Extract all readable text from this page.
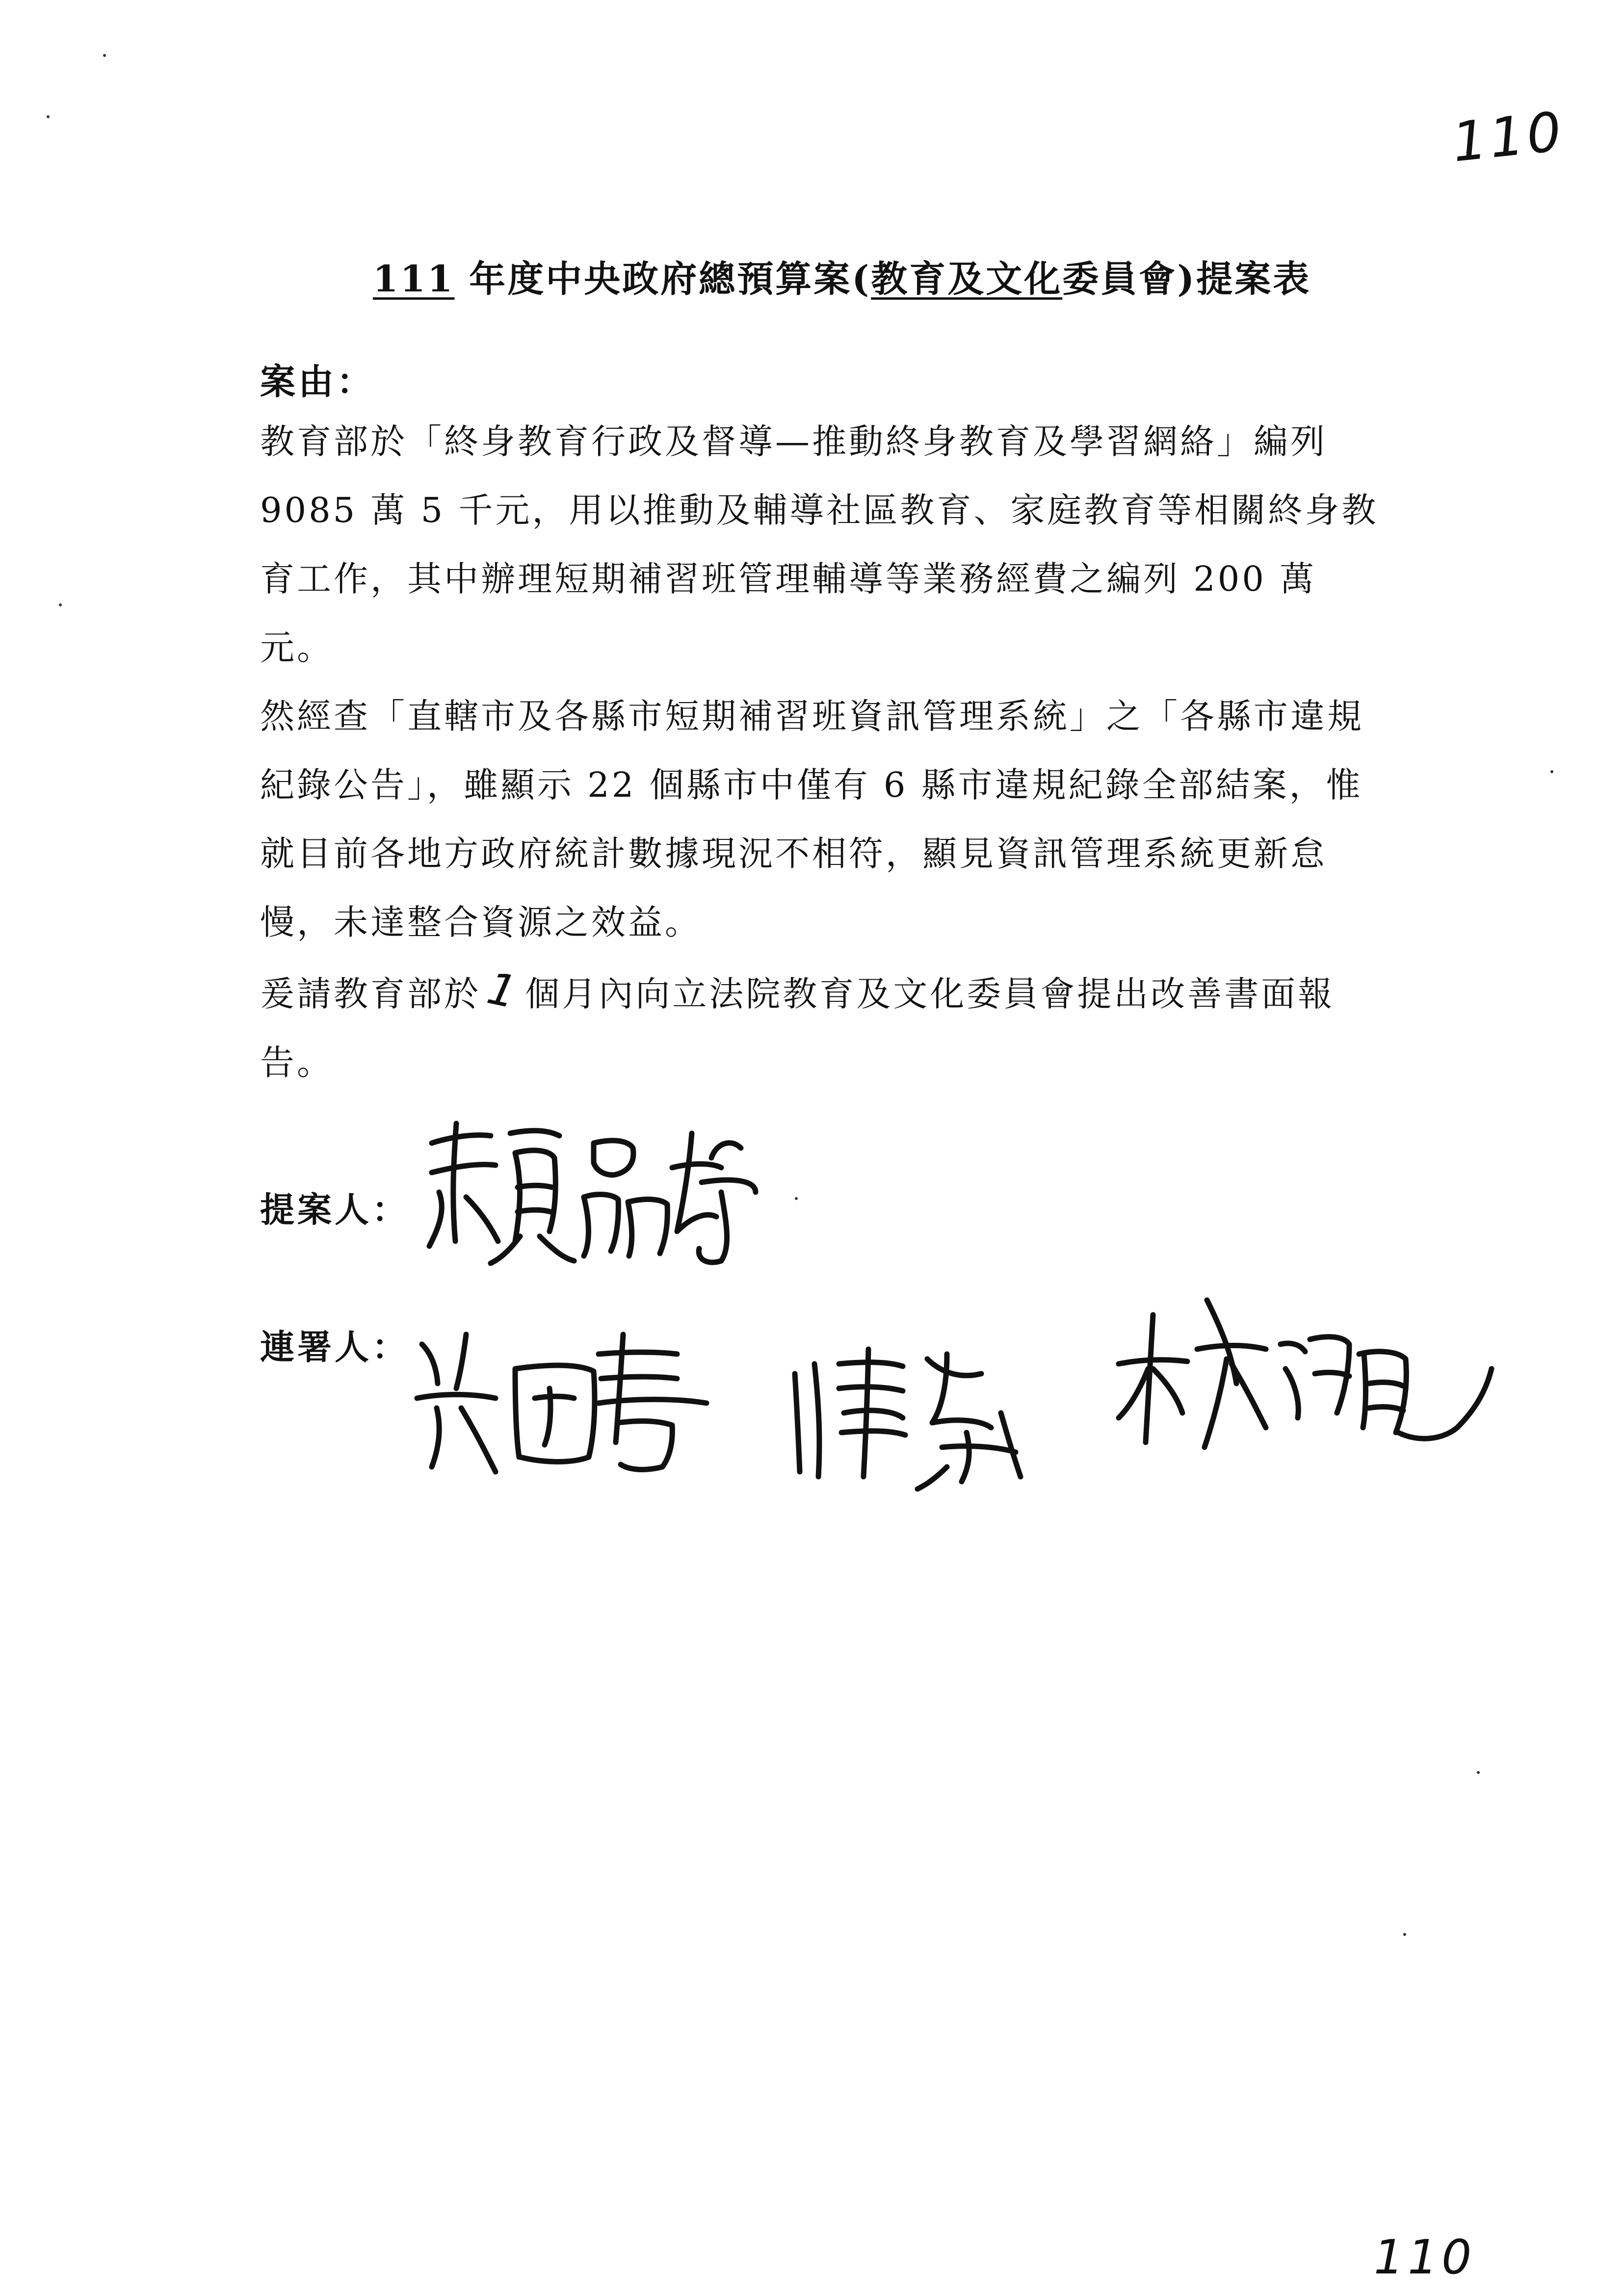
110
111 年度中央政府總預算案(教育及文化委員會)提案表
案由：
教育部於「終身教育行政及督導—推動終身教育及學習網絡」編列9085 萬 5 千元，用以推動及輔導社區教育、家庭教育等相關終身教育工作，其中辦理短期補習班管理輔導等業務經費之編列 200 萬元。
然經查「直轄市及各縣市短期補習班資訊管理系統」之「各縣市違規紀錄公告」，雖顯示 22 個縣市中僅有 6 縣市違規紀錄全部結案，惟就目前各地方政府統計數據現況不相符，顯見資訊管理系統更新怠慢，未達整合資源之效益。
爰請教育部於1個月內向立法院教育及文化委員會提出改善書面報告。
提案人：
連署人：
110
